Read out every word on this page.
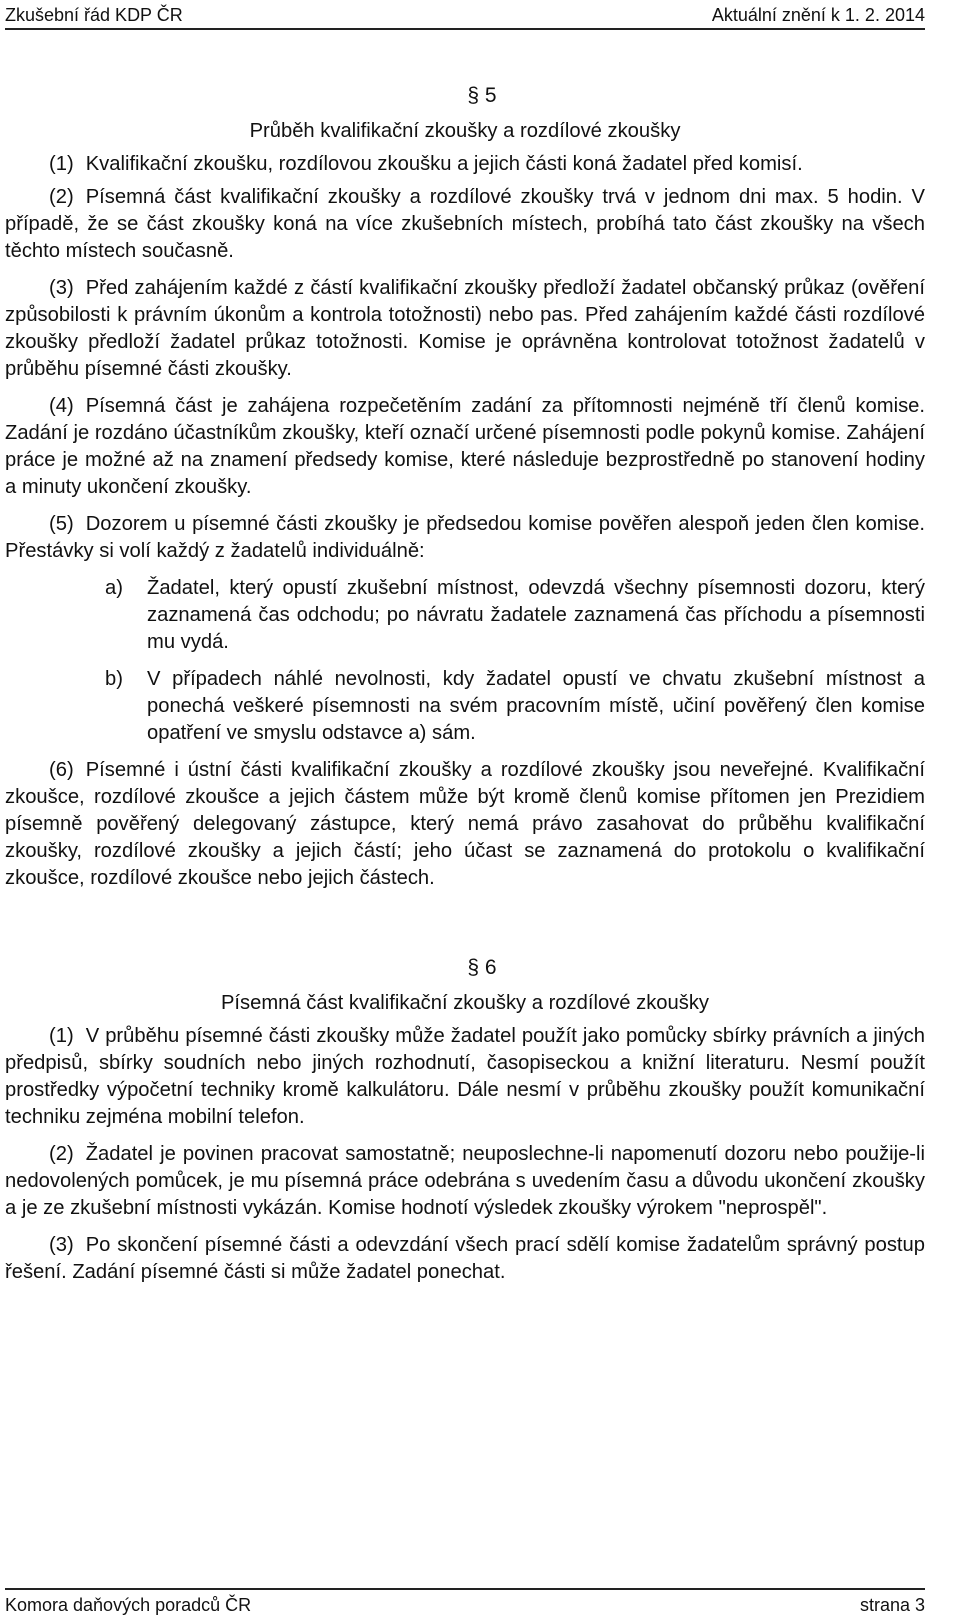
Zkušební řád KDP ČR	Aktuální znění k 1. 2. 2014
§ 5
Průběh kvalifikační zkoušky a rozdílové zkoušky

(1) Kvalifikační zkoušku, rozdílovou zkoušku a jejich části koná žadatel před komisí.

(2) Písemná část kvalifikační zkoušky a rozdílové zkoušky trvá v jednom dni max. 5 hodin. V případě, že se část zkoušky koná na více zkušebních místech, probíhá tato část zkoušky na všech těchto místech současně.

(3) Před zahájením každé z částí kvalifikační zkoušky předloží žadatel občanský průkaz (ověření způsobilosti k právním úkonům a kontrola totožnosti) nebo pas. Před zahájením každé části rozdílové zkoušky předloží žadatel průkaz totožnosti. Komise je oprávněna kontrolovat totožnost žadatelů v průběhu písemné části zkoušky.

(4) Písemná část je zahájena rozpečetěním zadání za přítomnosti nejméně tří členů komise. Zadání je rozdáno účastníkům zkoušky, kteří označí určené písemnosti podle pokynů komise. Zahájení práce je možné až na znamení předsedy komise, které následuje bezprostředně po stanovení hodiny a minuty ukončení zkoušky.

(5) Dozorem u písemné části zkoušky je předsedou komise pověřen alespoň jeden člen komise. Přestávky si volí každý z žadatelů individuálně:

a) Žadatel, který opustí zkušební místnost, odevzdá všechny písemnosti dozoru, který zaznamená čas odchodu; po návratu žadatele zaznamená čas příchodu a písemnosti mu vydá.
b) V případech náhlé nevolnosti, kdy žadatel opustí ve chvatu zkušební místnost a ponechá veškeré písemnosti na svém pracovním místě, učiní pověřený člen komise opatření ve smyslu odstavce a) sám.

(6) Písemné i ústní části kvalifikační zkoušky a rozdílové zkoušky jsou neveřejné. Kvalifikační zkoušce, rozdílové zkoušce a jejich částem může být kromě členů komise přítomen jen Prezidiem písemně pověřený delegovaný zástupce, který nemá právo zasahovat do průběhu kvalifikační zkoušky, rozdílové zkoušky a jejich částí; jeho účast se zaznamená do protokolu o kvalifikační zkoušce, rozdílové zkoušce nebo jejich částech.

§ 6
Písemná část kvalifikační zkoušky a rozdílové zkoušky

(1) V průběhu písemné části zkoušky může žadatel použít jako pomůcky sbírky právních a jiných předpisů, sbírky soudních nebo jiných rozhodnutí, časopiseckou a knižní literaturu. Nesmí použít prostředky výpočetní techniky kromě kalkulátoru. Dále nesmí v průběhu zkoušky použít komunikační techniku zejména mobilní telefon.

(2) Žadatel je povinen pracovat samostatně; neuposlechne-li napomenutí dozoru nebo použije-li nedovolených pomůcek, je mu písemná práce odebrána s uvedením času a důvodu ukončení zkoušky a je ze zkušební místnosti vykázán. Komise hodnotí výsledek zkoušky výrokem "neprospěl".

(3) Po skončení písemné části a odevzdání všech prací sdělí komise žadatelům správný postup řešení. Zadání písemné části si může žadatel ponechat.

Komora daňových poradců ČR	strana 3
